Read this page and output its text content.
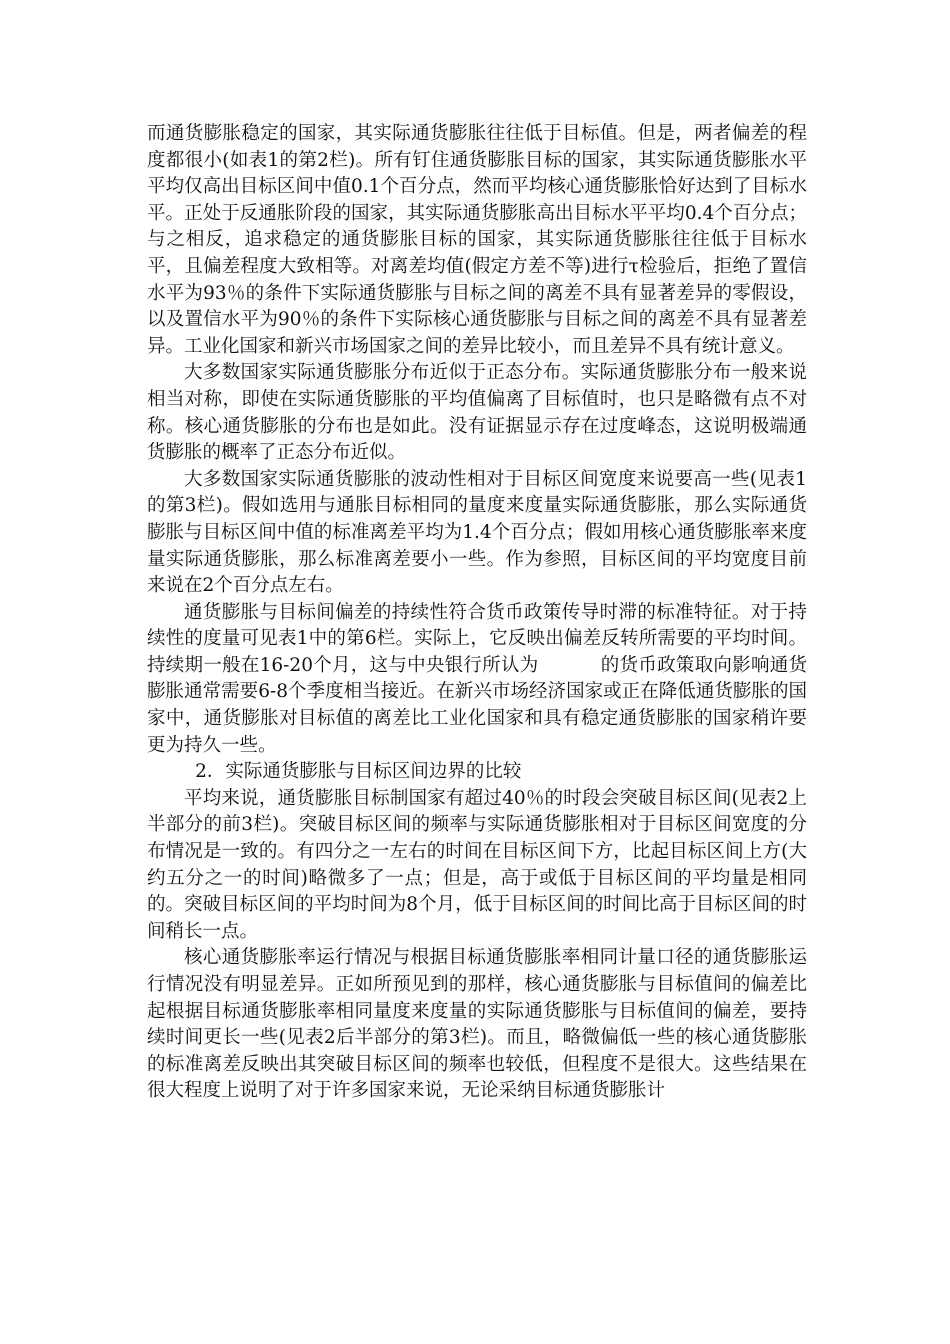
而通货膨胀稳定的国家，其实际通货膨胀往往低于目标值。但是，两者偏差的程度都很小(如表1的第2栏)。所有钉住通货膨胀目标的国家，其实际通货膨胀水平平均仅高出目标区间中值0.1个百分点，然而平均核心通货膨胀恰好达到了目标水平。正处于反通胀阶段的国家，其实际通货膨胀高出目标水平平均0.4个百分点；与之相反，追求稳定的通货膨胀目标的国家，其实际通货膨胀往往低于目标水平，且偏差程度大致相等。对离差均值(假定方差不等)进行τ检验后，拒绝了置信水平为93％的条件下实际通货膨胀与目标之间的离差不具有显著差异的零假设，以及置信水平为90％的条件下实际核心通货膨胀与目标之间的离差不具有显著差异。工业化国家和新兴市场国家之间的差异比较小，而且差异不具有统计意义。

大多数国家实际通货膨胀分布近似于正态分布。实际通货膨胀分布一般来说相当对称，即使在实际通货膨胀的平均值偏离了目标值时，也只是略微有点不对称。核心通货膨胀的分布也是如此。没有证据显示存在过度峰态，这说明极端通货膨胀的概率了正态分布近似。

大多数国家实际通货膨胀的波动性相对于目标区间宽度来说要高一些(见表1的第3栏)。假如选用与通胀目标相同的量度来度量实际通货膨胀，那么实际通货膨胀与目标区间中值的标准离差平均为1.4个百分点；假如用核心通货膨胀率来度量实际通货膨胀，那么标准离差要小一些。作为参照，目标区间的平均宽度目前来说在2个百分点左右。

通货膨胀与目标间偏差的持续性符合货币政策传导时滞的标准特征。对于持续性的度量可见表1中的第6栏。实际上，它反映出偏差反转所需要的平均时间。持续期一般在16-20个月，这与中央银行所认为	的货币政策取向影响通货膨胀通常需要6-8个季度相当接近。在新兴市场经济国家或正在降低通货膨胀的国家中，通货膨胀对目标值的离差比工业化国家和具有稳定通货膨胀的国家稍许要更为持久一些。

2．实际通货膨胀与目标区间边界的比较

平均来说，通货膨胀目标制国家有超过40％的时段会突破目标区间(见表2上半部分的前3栏)。突破目标区间的频率与实际通货膨胀相对于目标区间宽度的分布情况是一致的。有四分之一左右的时间在目标区间下方，比起目标区间上方(大约五分之一的时间)略微多了一点；但是，高于或低于目标区间的平均量是相同的。突破目标区间的平均时间为8个月，低于目标区间的时间比高于目标区间的时间稍长一点。

核心通货膨胀率运行情况与根据目标通货膨胀率相同计量口径的通货膨胀运行情况没有明显差异。正如所预见到的那样，核心通货膨胀与目标值间的偏差比起根据目标通货膨胀率相同量度来度量的实际通货膨胀与目标值间的偏差，要持续时间更长一些(见表2后半部分的第3栏)。而且，略微偏低一些的核心通货膨胀的标准离差反映出其突破目标区间的频率也较低，但程度不是很大。这些结果在很大程度上说明了对于许多国家来说，无论采纳目标通货膨胀计
